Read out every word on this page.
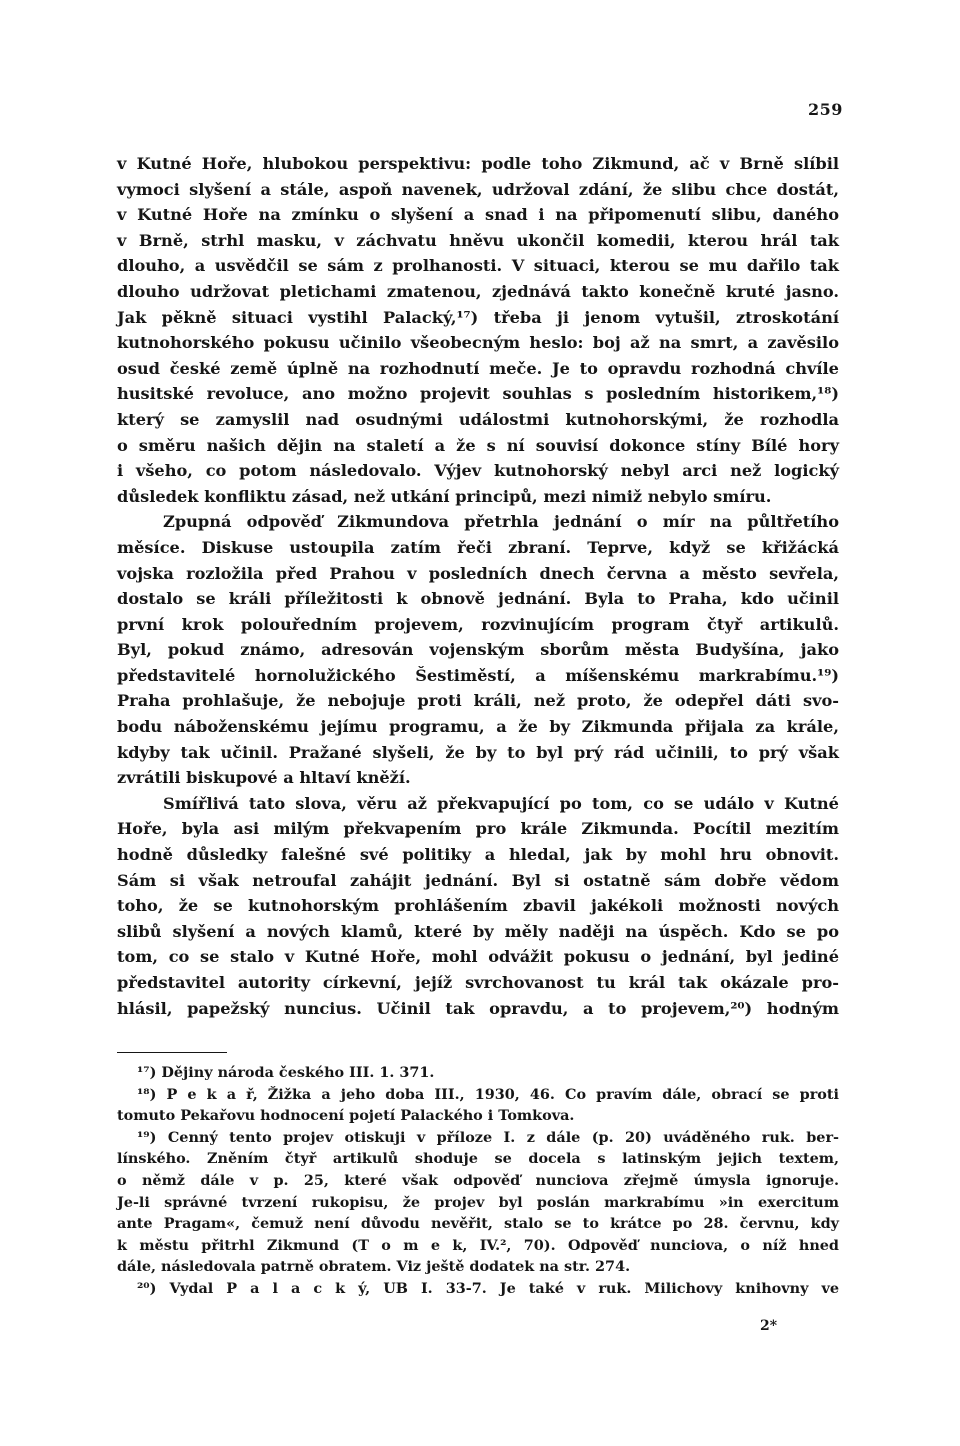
259

v Kutné Hoře, hlubokou perspektivu: podle toho Zikmund, ač v Brně slíbil

vymoci slyšení a stále, aspoň navenek, udržoval zdání, že slibu chce dostát,

v Kutné Hoře na zmínku o slyšení a snad i na připomenutí slibu, daného

v Brně, strhl masku, v záchvatu hněvu ukončil komedii, kterou hrál tak

dlouho, a usvědčil se sám z prolhanosti. V situaci, kterou se mu dařilo tak

dlouho udržovat pletichami zmatenou, zjednává takto konečně kruté jasno.

Jak pěkně situaci vystihl Palacký,¹⁷) třeba ji jenom vytušil, ztroskotání

kutnohorského pokusu učinilo všeobecným heslo: boj až na smrt, a zavěsilo

osud české země úplně na rozhodnutí meče. Je to opravdu rozhodná chvíle

husitské revoluce, ano možno projevit souhlas s posledním historikem,¹⁸)

který se zamyslil nad osudnými událostmi kutnohorskými, že rozhodla

o směru našich dějin na staletí a že s ní souvisí dokonce stíny Bílé hory

i všeho, co potom následovalo. Výjev kutnohorský nebyl arci než logický

důsledek konfliktu zásad, než utkání principů, mezi nimiž nebylo smíru.

Zpupná odpověď Zikmundova přetrhla jednání o mír na půltřetího

měsíce. Diskuse ustoupila zatím řeči zbraní. Teprve, když se křižácká

vojska rozložila před Prahou v posledních dnech června a město sevřela,

dostalo se králi příležitosti k obnově jednání. Byla to Praha, kdo učinil

první krok polouředním projevem, rozvinujícím program čtyř artikulů.

Byl, pokud známo, adresován vojenským sborům města Budyšína, jako

představitelé hornolužického Šestiměstí, a míšenskému markrabímu.¹⁹)

Praha prohlašuje, že nebojuje proti králi, než proto, že odepřel dáti svo-

bodu náboženskému jejímu programu, a že by Zikmunda přijala za krále,

kdyby tak učinil. Pražané slyšeli, že by to byl prý rád učinili, to prý však

zvrátili biskupové a hltaví kněží.

Smířlivá tato slova, věru až překvapující po tom, co se událo v Kutné

Hoře, byla asi milým překvapením pro krále Zikmunda. Pocítil mezitím

hodně důsledky falešné své politiky a hledal, jak by mohl hru obnovit.

Sám si však netroufal zahájit jednání. Byl si ostatně sám dobře vědom

toho, že se kutnohorským prohlášením zbavil jakékoli možnosti nových

slibů slyšení a nových klamů, které by měly naději na úspěch. Kdo se po

tom, co se stalo v Kutné Hoře, mohl odvážit pokusu o jednání, byl jediné

představitel autority církevní, jejíž svrchovanost tu král tak okázale pro-

hlásil, papežský nuncius. Učinil tak opravdu, a to projevem,²⁰) hodným

¹⁷) Dějiny národa českého III. 1. 371.

¹⁸) P e k a ř, Žižka a jeho doba III., 1930, 46. Co pravím dále, obrací se proti

tomuto Pekařovu hodnocení pojetí Palackého i Tomkova.

¹⁹) Cenný tento projev otiskuji v příloze I. z dále (p. 20) uváděného ruk. ber-

línského. Zněním čtyř artikulů shoduje se docela s latinským jejich textem,

o němž dále v p. 25, které však odpověď nunciova zřejmě úmysla ignoruje.

Je-li správné tvrzení rukopisu, že projev byl poslán markrabímu »in exercitum

ante Pragam«, čemuž není důvodu nevěřit, stalo se to krátce po 28. červnu, kdy

k městu přitrhl Zikmund (T o m e k, IV.², 70). Odpověď nunciova, o níž hned

dále, následovala patrně obratem. Viz ještě dodatek na str. 274.

²⁰) Vydal P a l a c k ý, UB I. 33-7. Je také v ruk. Milichovy knihovny ve

2*
